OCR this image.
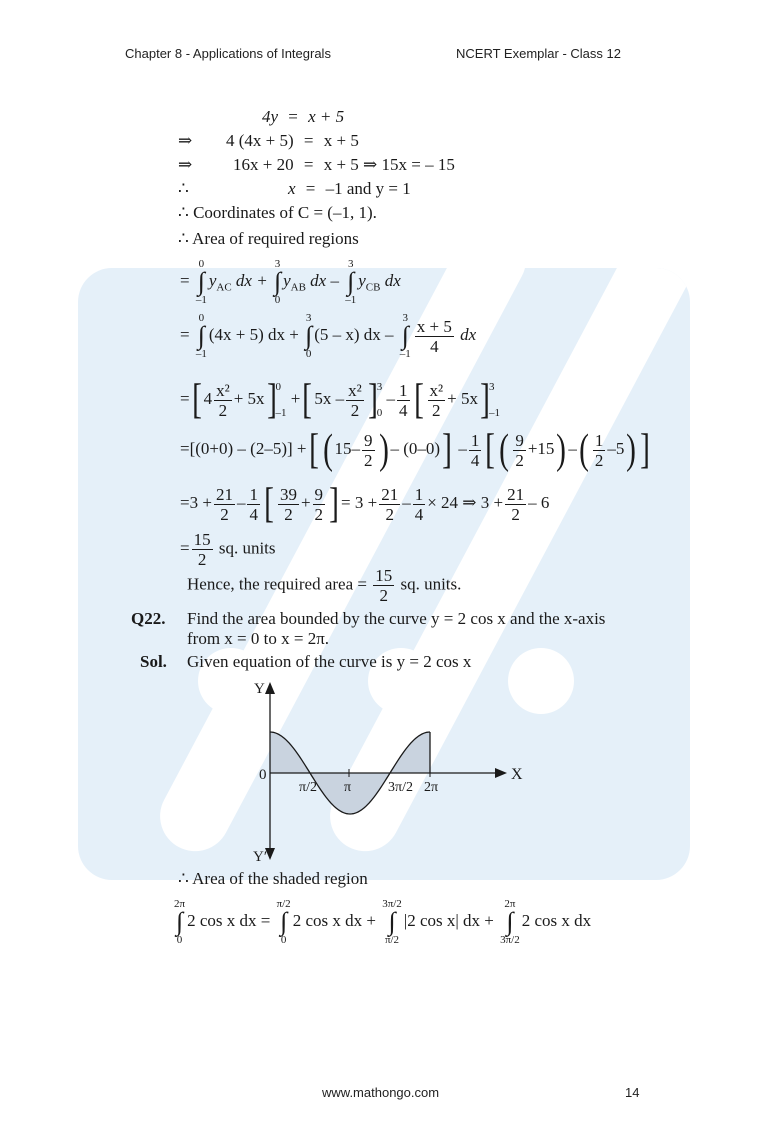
Chapter 8 - Applications of Integrals	NCERT Exemplar - Class 12
4y = x + 5
⇒ 4 (4x + 5) = x + 5
⇒ 16x + 20 = x + 5 ⇒ 15x = – 15
∴	x = –1 and y = 1
∴ Coordinates of C = (–1, 1).
∴ Area of required regions
=
0
∫
–1
$y_{AC}$ dx +
3
∫
0
$y_{AB}$ dx –
3
∫
–1
$y_{CB}$ dx
=
0
∫
–1
(4x + 5) dx +
3
∫
0
(5 – x) dx –
3
∫
$-1 \frac{x + 5}{4}$ dx
=[ $4 \frac{\text{x²}}{2} + 5x$] 0
–1
+[ $5x - \frac{\text{x²}}{2}$ ] 3
0
– $\frac{1}{4}$ [ $\frac{\text{x²}}{2} + 5x$] 3
–1
=[(0+0) – (2–5)] +[( $15- \frac{9}{2}$ ) – $(0-0)] - \frac{1}{4}$ [ ( $\frac{9}{2} +15$) –( $\frac{1}{2} -5$)]
$=3 + \frac{21}{2} - \frac{1}{4}$ [ $\frac{39}{2} + \frac{9}{2}$ ] = $3 + \frac{21}{2} - \frac{1}{4} \times 24$ ⇒ $3 + \frac{21}{2} - 6$
= $\frac{15}{2}$ sq. units
Hence, the required area = $\frac{15}{2}$ sq. units.
Q22. Find the area bounded by the curve y = 2 cos x and the x-axis
from x = 0 to x = 2π.
Sol. Given equation of the curve is y = 2 cos x
Y
Y′
X
0
π/2 π	3π/2 2π
∴ Area of the shaded region
2π
∫
0
2 cos x dx =
π/2
∫
0
2 cos x dx +
3π/2
∫
π/2
|2 cos x| dx +
2π
∫
3π/2
2 cos x dx
www.mathongo.com	14
